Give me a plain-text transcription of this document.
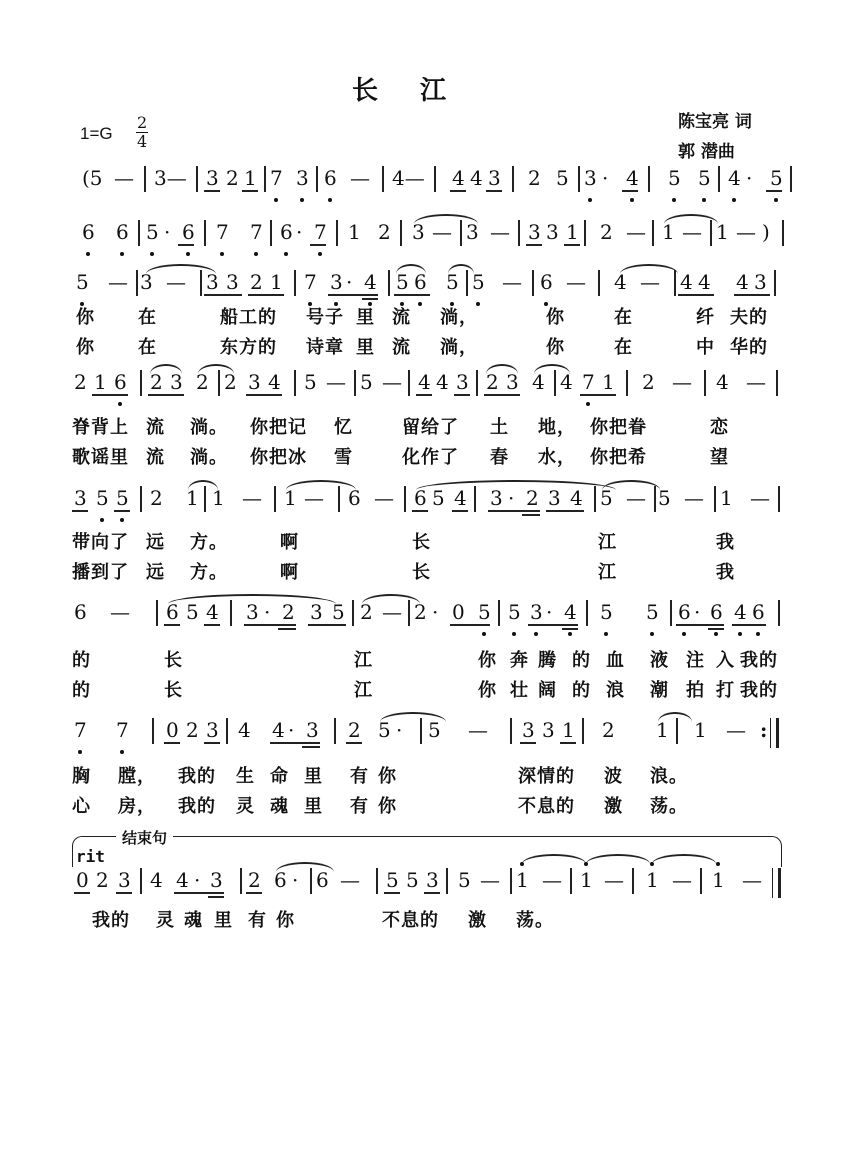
长 江
$1=G \frac{2}{4}$	陈宝亮 词
郭 潜曲
(5 — 3— 3 2 1 7 3 6 — 4— 4 4 3 2 5 3 · 4 5 5 4 · 5
6 6 5 · 6 7 7 6 · 7 1 2 3 — 3 — 3 3 1 2 — 1 — 1 — )
5 — 3 — 3 3 2 1 7 3 · 4 5 6 5 5 — 6 — 4 — 4 4 4 3
你 在	船工的 号子 里 流 淌，	你	在	纤 夫的
你 在	东方的 诗章 里 流 淌，	你	在	中 华的
2 1 6 2 3 2 2 3 4 5 — 5 — 4 4 3 2 3 4 4 7 1 2 — 4 —
脊背上 流 淌。 你把记 忆	留给了 土 地， 你把眷	恋
歌谣里 流 淌。 你把冰 雪	化作了 春 水， 你把希	望
3 5 5 2 1 1 — 1 — 6 — 6 5 4 3 · 2 3 4 5 — 5 — 1 —
带向了 远 方。	啊	长	江	我
播到了 远 方。	啊	长	江	我
6 — 6 5 4 3 · 2 3 5 2 — 2 · 0 5 5 3 · 4 5 5 6 · 6 4 6
的	长	江	你 奔 腾 的 血 液 注 入 我的
的	长	江	你 壮 阔 的 浪 潮 拍 打 我的
7 7 0 2 3 4 4 · 3 2 5 · 5 — 3 3 1 2 1 1 — :
胸 膛， 我的 生 命 里 有 你	深情的 波 浪。
心 房， 我的 灵 魂 里 有 你	不息的 激 荡。
结束句
rit
0 2 3 4 4 · 3 2 6 · 6 — 5 5 3 5 — 1 — 1 — 1 — 1 —
我的 灵 魂 里 有 你	不息的 激 荡。
